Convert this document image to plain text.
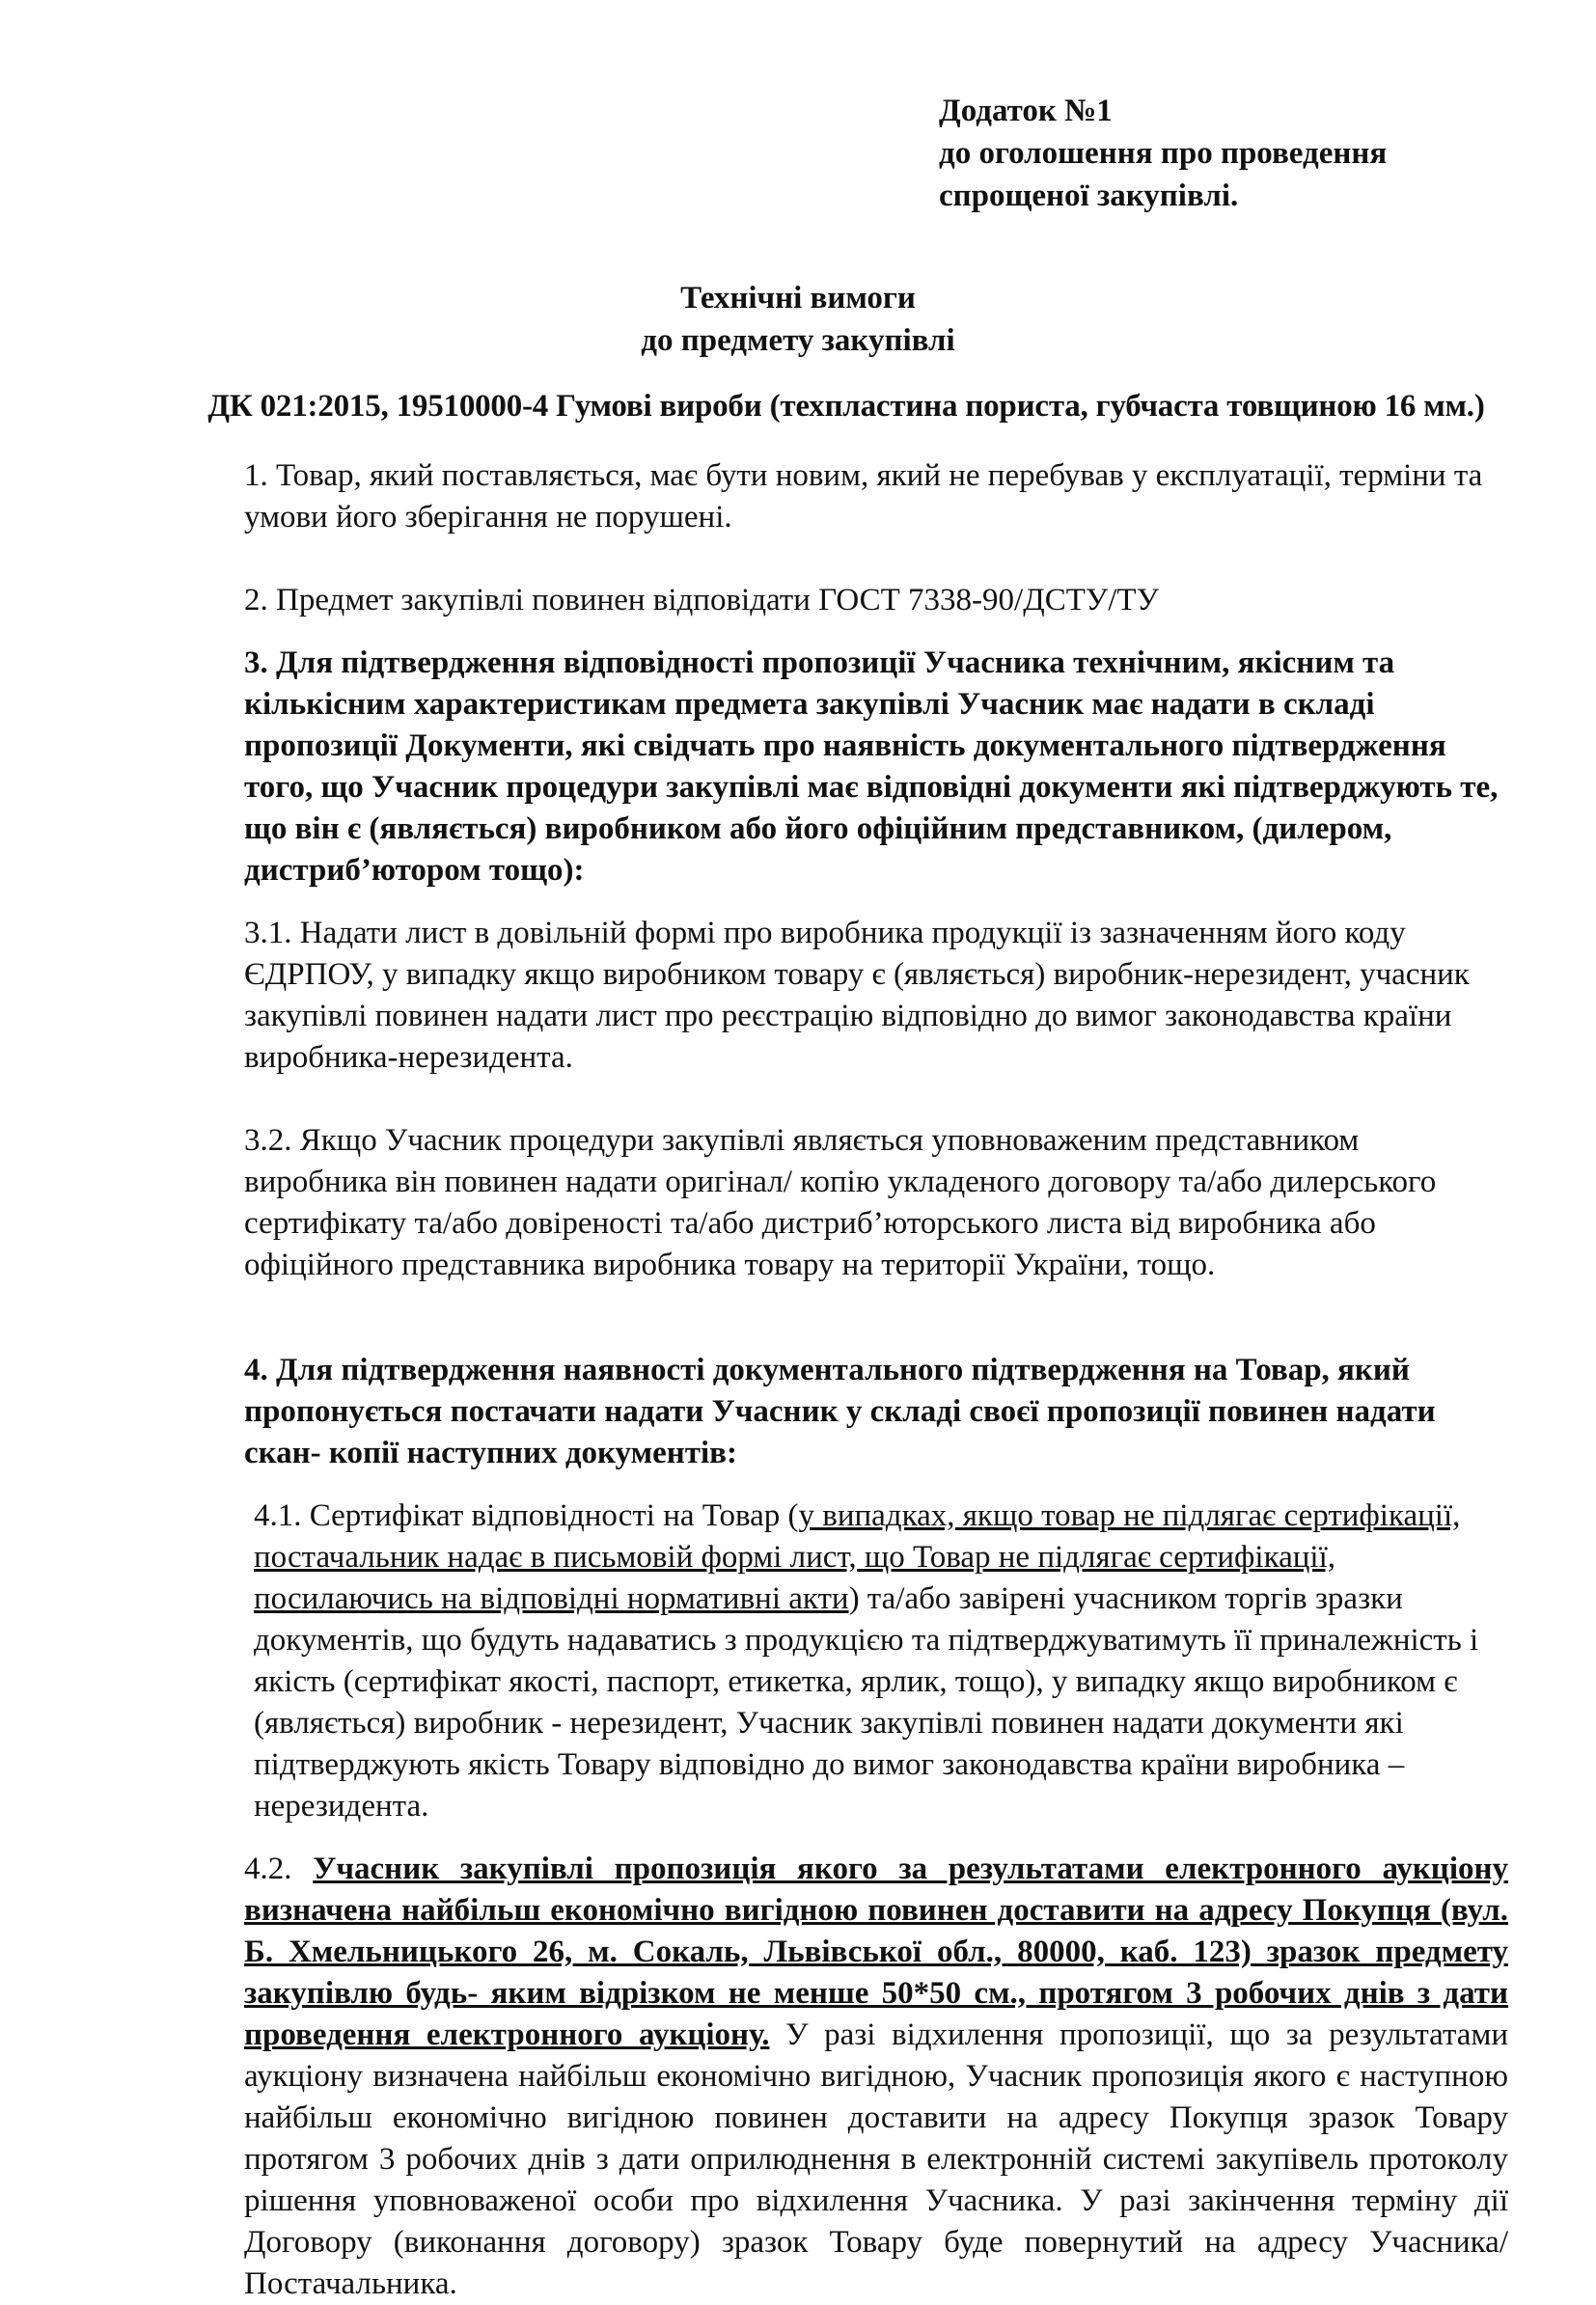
Додаток №1
до оголошення про проведення
спрощеної закупівлі.
Технічні вимоги
до предмету закупівлі
ДК 021:2015, 19510000-4 Гумові вироби (техпластина пориста, губчаста товщиною 16 мм.)

1. Товар, який поставляється, має бути новим, який не перебував у експлуатації, терміни та умови його зберігання не порушені.

2. Предмет закупівлі повинен відповідати ГОСТ 7338-90/ДСТУ/ТУ

3. Для підтвердження відповідності пропозиції Учасника технічним, якісним та кількісним характеристикам предмета закупівлі Учасник має надати в складі пропозиції Документи, які свідчать про наявність документального підтвердження того, що Учасник процедури закупівлі має відповідні документи які підтверджують те, що він є (являється) виробником або його офіційним представником, (дилером, дистриб’ютором тощо):

3.1. Надати лист в довільній формі про виробника продукції із зазначенням його коду ЄДРПОУ, у випадку якщо виробником товару є (являється) виробник-нерезидент, учасник закупівлі повинен надати лист про реєстрацію відповідно до вимог законодавства країни виробника-нерезидента.

3.2. Якщо Учасник процедури закупівлі являється уповноваженим представником виробника він повинен надати оригінал/ копію укладеного договору та/або дилерського сертифікату та/або довіреності та/або дистриб’юторського листа від виробника або офіційного представника виробника товару на території України, тощо.

4. Для підтвердження наявності документального підтвердження на Товар, який пропонується постачати надати Учасник у складі своєї пропозиції повинен надати скан- копії наступних документів:

4.1. Сертифікат відповідності на Товар (у випадках, якщо товар не підлягає сертифікації, постачальник надає в письмовій формі лист, що Товар не підлягає сертифікації, посилаючись на відповідні нормативні акти) та/або завірені учасником торгів зразки документів, що будуть надаватись з продукцією та підтверджуватимуть її приналежність і якість (сертифікат якості, паспорт, етикетка, ярлик, тощо), у випадку якщо виробником є (являється) виробник - нерезидент, Учасник закупівлі повинен надати документи які підтверджують якість Товару відповідно до вимог законодавства країни виробника – нерезидента.

4.2. Учасник закупівлі пропозиція якого за результатами електронного аукціону визначена найбільш економічно вигідною повинен доставити на адресу Покупця (вул. Б. Хмельницького 26, м. Сокаль, Львівської обл., 80000, каб. 123) зразок предмету закупівлю будь- яким відрізком не менше 50*50 см., протягом 3 робочих днів з дати проведення електронного аукціону. У разі відхилення пропозиції, що за результатами аукціону визначена найбільш економічно вигідною, Учасник пропозиція якого є наступною найбільш економічно вигідною повинен доставити на адресу Покупця зразок Товару протягом 3 робочих днів з дати оприлюднення в електронній системі закупівель протоколу рішення уповноваженої особи про відхилення Учасника. У разі закінчення терміну дії Договору (виконання договору) зразок Товару буде повернутий на адресу Учасника/Постачальника.
